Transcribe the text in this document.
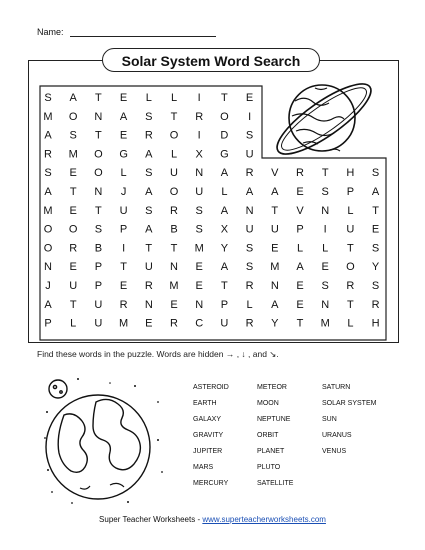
Name:
Solar System Word Search
S A T E L L I T E
M O N A S T R O I
A S T E R O I D S
R M O G A L X G U
S E O L S U N A R V R T H S
A T N J A O U L A A E S P A
M E T U S R S A N T V N L T
O O S P A B S X U U P I U E
O R B I T T M Y S E L L T S
N E P T U N E A S M A E O Y
J U P E R M E T R N E S R S
A T U R N E N P L A E N T R
P L U M E R C U R Y T M L H
Find these words in the puzzle. Words are hidden → , ↓ , and ↘.
ASTEROID
EARTH
GALAXY
GRAVITY
JUPITER
MARS
MERCURY
METEOR
MOON
NEPTUNE
ORBIT
PLANET
PLUTO
SATELLITE
SATURN
SOLAR SYSTEM
SUN
URANUS
VENUS
Super Teacher Worksheets - www.superteacherworksheets.com
